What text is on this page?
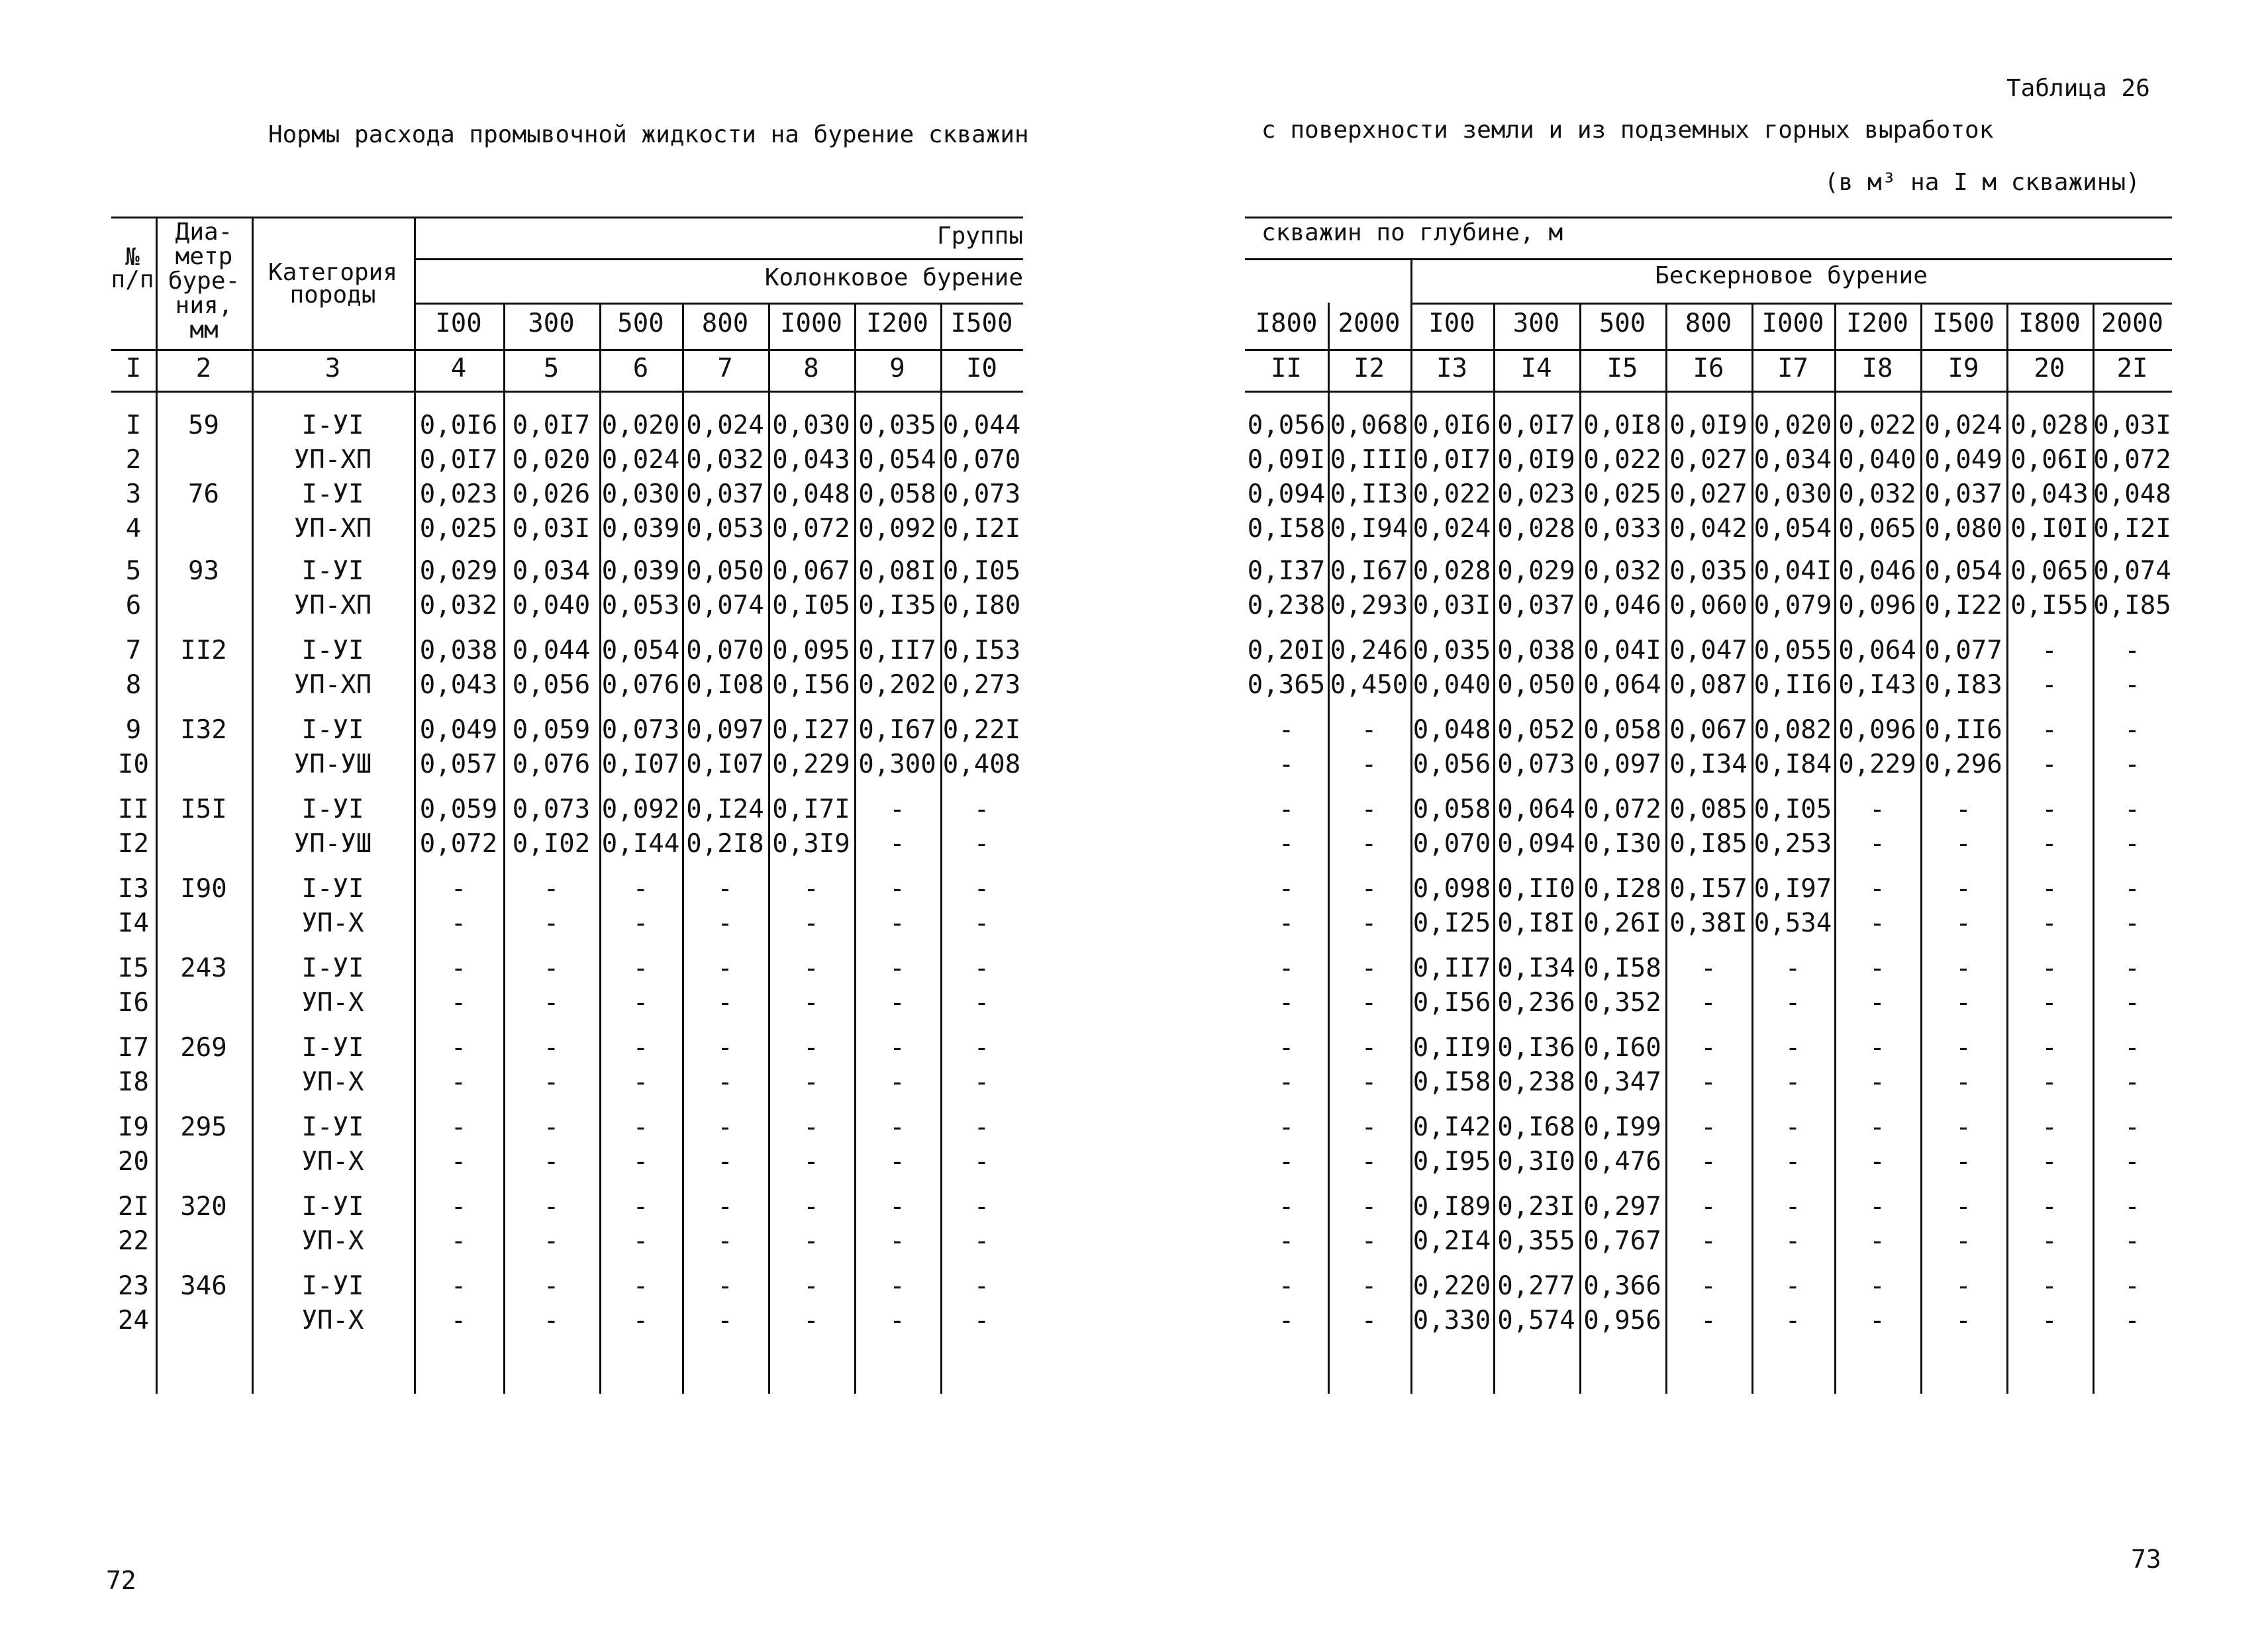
Нормы расхода промывочной жидкости на бурение скважин	с поверхности земли и из подземных горных выработок
Таблица 26
(в м³ на I м скважины)
72
73
№
п/п
Диа-
метр
буре-
ния,
мм
Категория
породы
Группы
Колонковое бурение
I00	300	500	800	I000 I200 I500
I	2	3	4	5	6	7	8	9	I0
I	59	I-УI	0,0I6 0,0I7 0,020 0,024 0,030 0,035 0,044
2	УП-ХП	0,0I7 0,020 0,024 0,032 0,043 0,054 0,070
3	76	I-УI	0,023 0,026 0,030 0,037 0,048 0,058 0,073
4	УП-ХП	0,025 0,03I 0,039 0,053 0,072 0,092 0,I2I
5	93	I-УI	0,029 0,034 0,039 0,050 0,067 0,08I 0,I05
6	УП-ХП	0,032 0,040 0,053 0,074 0,I05 0,I35 0,I80
7	II2	I-УI	0,038 0,044 0,054 0,070 0,095 0,II7 0,I53
8	УП-ХП	0,043 0,056 0,076 0,I08 0,I56 0,202 0,273
9	I32	I-УI	0,049 0,059 0,073 0,097 0,I27 0,I67 0,22I
I0	УП-УШ	0,057 0,076 0,I07 0,I07 0,229 0,300 0,408
II	I5I	I-УI	0,059 0,073 0,092 0,I24 0,I7I	-	-
I2	УП-УШ	0,072 0,I02 0,I44 0,2I8 0,3I9	-	-
I3	I90	I-УI	-	-	-	-	-	-	-
I4	УП-Х	-	-	-	-	-	-	-
I5	243	I-УI	-	-	-	-	-	-	-
I6	УП-Х	-	-	-	-	-	-	-
I7	269	I-УI	-	-	-	-	-	-	-
I8	УП-Х	-	-	-	-	-	-	-
I9	295	I-УI	-	-	-	-	-	-	-
20	УП-Х	-	-	-	-	-	-	-
2I	320	I-УI	-	-	-	-	-	-	-
22	УП-Х	-	-	-	-	-	-	-
23	346	I-УI	-	-	-	-	-	-	-
24	УП-Х	-	-	-	-	-	-	-
скважин по глубине, м
Бескерновое бурение
I800 2000	I00	300	500	800	I000 I200 I500 I800 2000
II	I2	I3	I4	I5	I6	I7	I8	I9	20	2I
0,056 0,068 0,0I6 0,0I7 0,0I8 0,0I9 0,020 0,022 0,024 0,028 0,03I
0,09I 0,III 0,0I7 0,0I9 0,022 0,027 0,034 0,040 0,049 0,06I 0,072
0,094 0,II3 0,022 0,023 0,025 0,027 0,030 0,032 0,037 0,043 0,048
0,I58 0,I94 0,024 0,028 0,033 0,042 0,054 0,065 0,080 0,I0I 0,I2I
0,I37 0,I67 0,028 0,029 0,032 0,035 0,04I 0,046 0,054 0,065 0,074
0,238 0,293 0,03I 0,037 0,046 0,060 0,079 0,096 0,I22 0,I55 0,I85
0,20I 0,246 0,035 0,038 0,04I 0,047 0,055 0,064 0,077	-	-
0,365 0,450 0,040 0,050 0,064 0,087 0,II6 0,I43 0,I83	-	-
-	-	0,048 0,052 0,058 0,067 0,082 0,096 0,II6	-	-
-	-	0,056 0,073 0,097 0,I34 0,I84 0,229 0,296	-	-
-	-	0,058 0,064 0,072 0,085 0,I05	-	-	-	-
-	-	0,070 0,094 0,I30 0,I85 0,253	-	-	-	-
-	-	0,098 0,II0 0,I28 0,I57 0,I97	-	-	-	-
-	-	0,I25 0,I8I 0,26I 0,38I 0,534	-	-	-	-
-	-	0,II7 0,I34 0,I58	-	-	-	-	-	-
-	-	0,I56 0,236 0,352	-	-	-	-	-	-
-	-	0,II9 0,I36 0,I60	-	-	-	-	-	-
-	-	0,I58 0,238 0,347	-	-	-	-	-	-
-	-	0,I42 0,I68 0,I99	-	-	-	-	-	-
-	-	0,I95 0,3I0 0,476	-	-	-	-	-	-
-	-	0,I89 0,23I 0,297	-	-	-	-	-	-
-	-	0,2I4 0,355 0,767	-	-	-	-	-	-
-	-	0,220 0,277 0,366	-	-	-	-	-	-
-	-	0,330 0,574 0,956	-	-	-	-	-	-
